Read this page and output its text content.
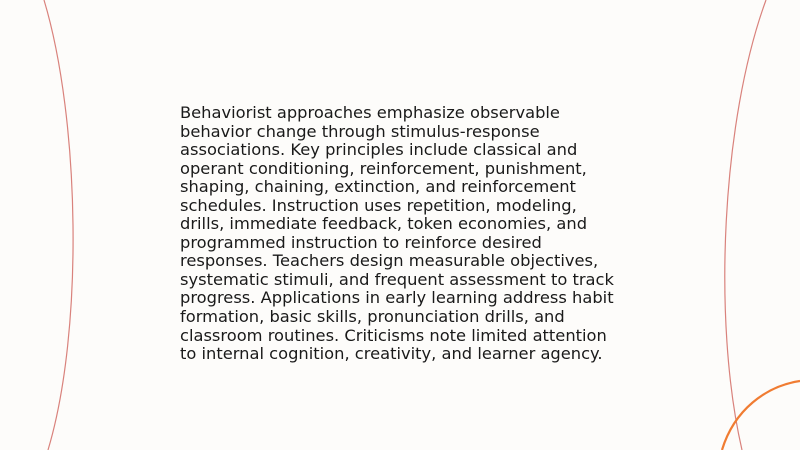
Behaviorist approaches emphasize observable
behavior change through stimulus-response
associations. Key principles include classical and
operant conditioning, reinforcement, punishment,
shaping, chaining, extinction, and reinforcement
schedules. Instruction uses repetition, modeling,
drills, immediate feedback, token economies, and
programmed instruction to reinforce desired
responses. Teachers design measurable objectives,
systematic stimuli, and frequent assessment to track
progress. Applications in early learning address habit
formation, basic skills, pronunciation drills, and
classroom routines. Criticisms note limited attention
to internal cognition, creativity, and learner agency.
